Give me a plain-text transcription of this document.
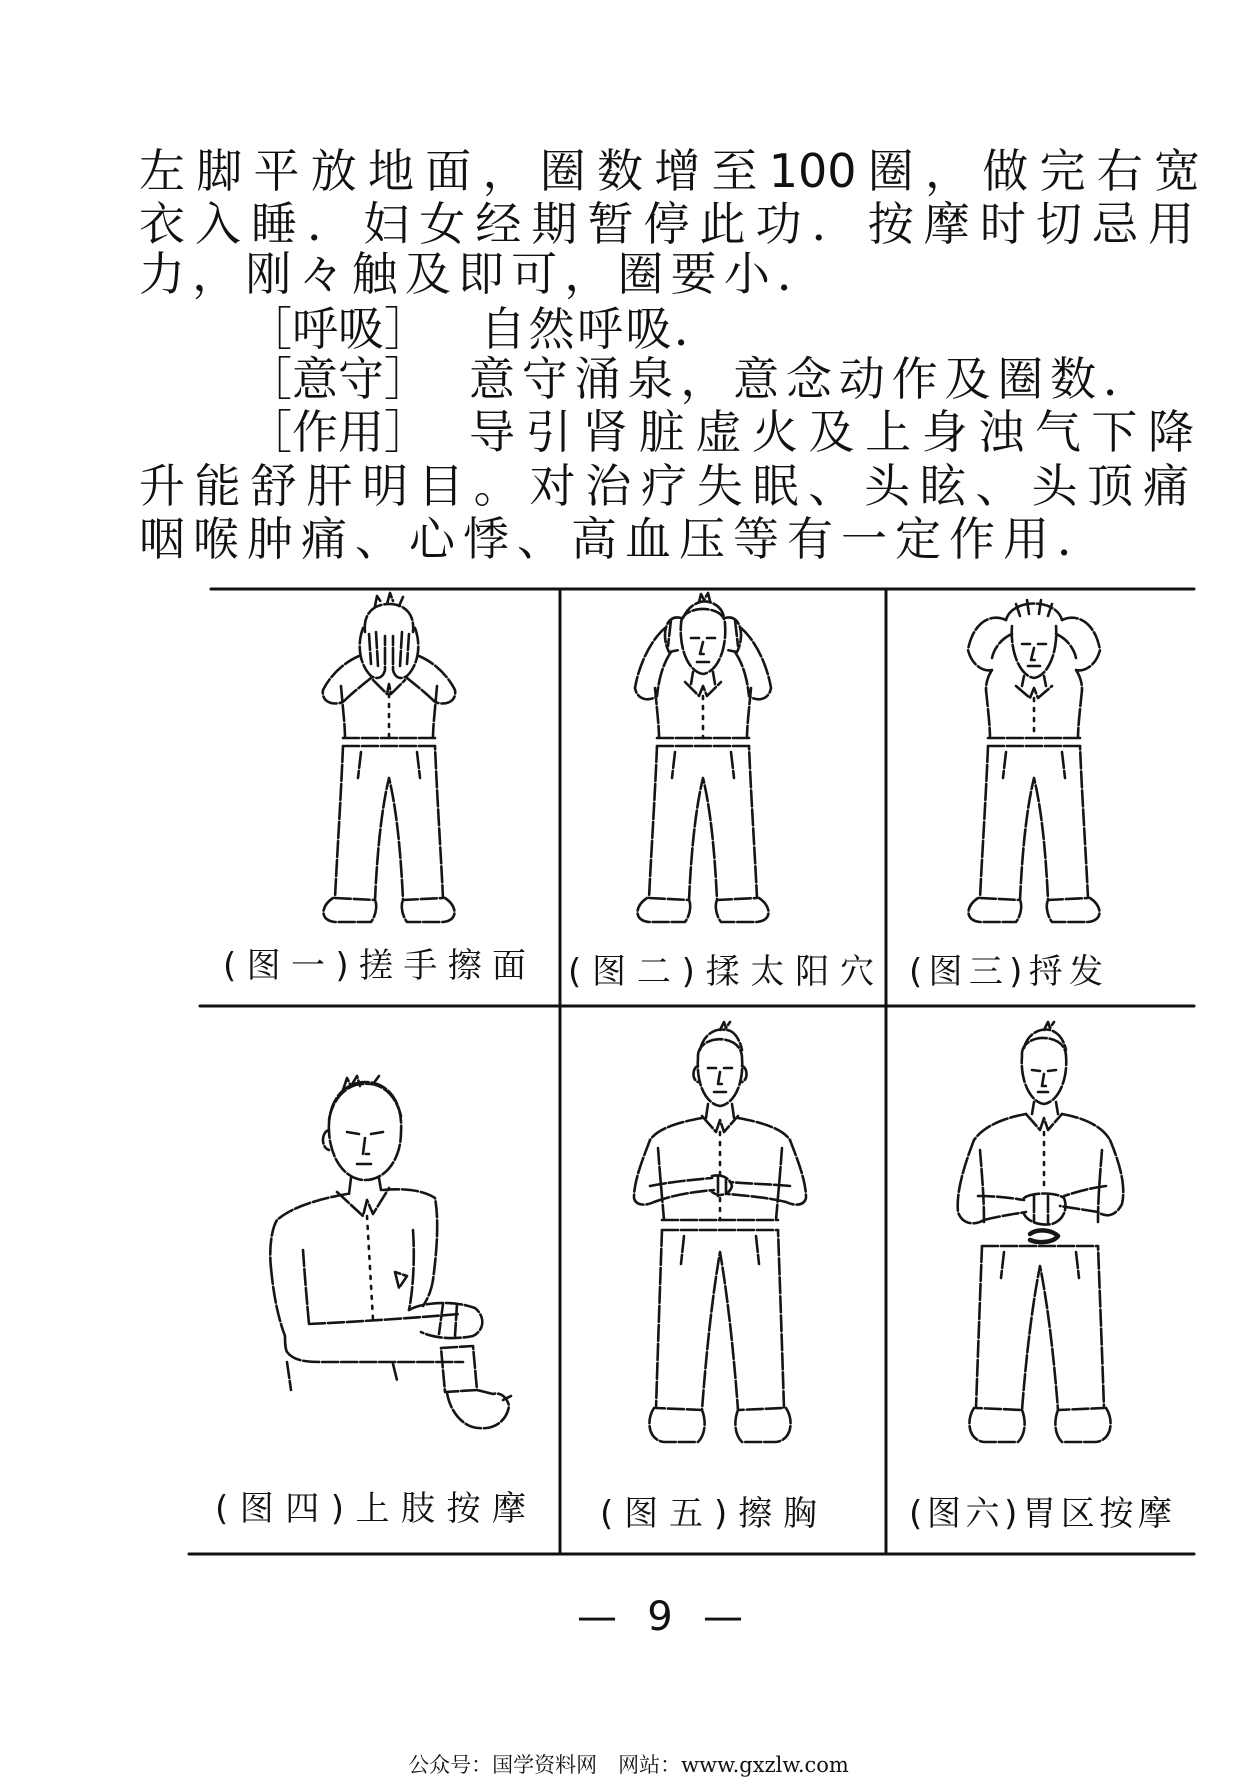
左脚平放地面，圈数增至100圈，做完右宽
衣入睡．妇女经期暂停此功．按摩时切忌用
力，刚々触及即可，圈要小．
［呼吸］ 自然呼吸．
［意守］ 意守涌泉，意念动作及圈数．
［作用］ 导引肾脏虚火及上身浊气下降
升能舒肝明目。对治疗失眠、头眩、头顶痛
咽喉肿痛、心悸、高血压等有一定作用．
(图一)搓手擦面 (图二)揉太阳穴 (图三)捋发
(图四)上肢按摩 (图五)擦胸	(图六)胃区按摩
— 9 —
公众号：国学资料网　网站：www.gxzlw.com
